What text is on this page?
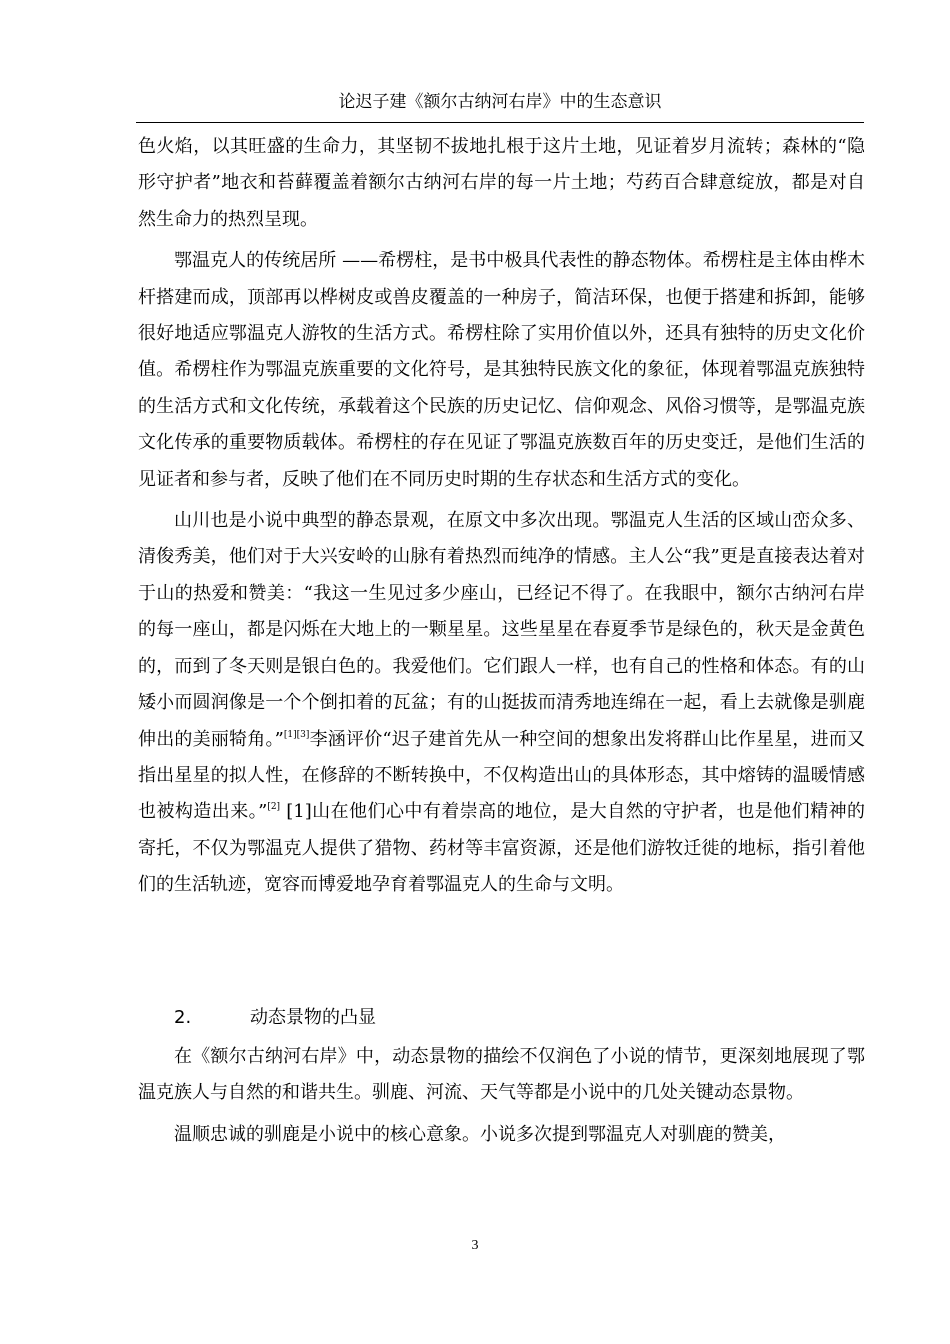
论迟子建《额尔古纳河右岸》中的生态意识

色火焰，以其旺盛的生命力，其坚韧不拔地扎根于这片土地，见证着岁月流转；森林的“隐形守护者”地衣和苔藓覆盖着额尔古纳河右岸的每一片土地；芍药百合肆意绽放，都是对自然生命力的热烈呈现。

鄂温克人的传统居所 ——希楞柱，是书中极具代表性的静态物体。希楞柱是主体由桦木杆搭建而成，顶部再以桦树皮或兽皮覆盖的一种房子，简洁环保，也便于搭建和拆卸，能够很好地适应鄂温克人游牧的生活方式。希楞柱除了实用价值以外，还具有独特的历史文化价值。希楞柱作为鄂温克族重要的文化符号，是其独特民族文化的象征，体现着鄂温克族独特的生活方式和文化传统，承载着这个民族的历史记忆、信仰观念、风俗习惯等，是鄂温克族文化传承的重要物质载体。希楞柱的存在见证了鄂温克族数百年的历史变迁，是他们生活的见证者和参与者，反映了他们在不同历史时期的生存状态和生活方式的变化。

山川也是小说中典型的静态景观，在原文中多次出现。鄂温克人生活的区域山峦众多、清俊秀美，他们对于大兴安岭的山脉有着热烈而纯净的情感。主人公“我”更是直接表达着对于山的热爱和赞美：“我这一生见过多少座山，已经记不得了。在我眼中，额尔古纳河右岸的每一座山，都是闪烁在大地上的一颗星星。这些星星在春夏季节是绿色的，秋天是金黄色的，而到了冬天则是银白色的。我爱他们。它们跟人一样，也有自己的性格和体态。有的山矮小而圆润像是一个个倒扣着的瓦盆；有的山挺拔而清秀地连绵在一起，看上去就像是驯鹿伸出的美丽犄角。”[1][3]李涵评价“迟子建首先从一种空间的想象出发将群山比作星星，进而又指出星星的拟人性，在修辞的不断转换中，不仅构造出山的具体形态，其中熔铸的温暖情感也被构造出来。”[2] [1]山在他们心中有着崇高的地位，是大自然的守护者，也是他们精神的寄托，不仅为鄂温克人提供了猎物、药材等丰富资源，还是他们游牧迁徙的地标，指引着他们的生活轨迹，宽容而博爱地孕育着鄂温克人的生命与文明。

2.	动态景物的凸显

在《额尔古纳河右岸》中，动态景物的描绘不仅润色了小说的情节，更深刻地展现了鄂温克族人与自然的和谐共生。驯鹿、河流、天气等都是小说中的几处关键动态景物。

温顺忠诚的驯鹿是小说中的核心意象。小说多次提到鄂温克人对驯鹿的赞美，

3
